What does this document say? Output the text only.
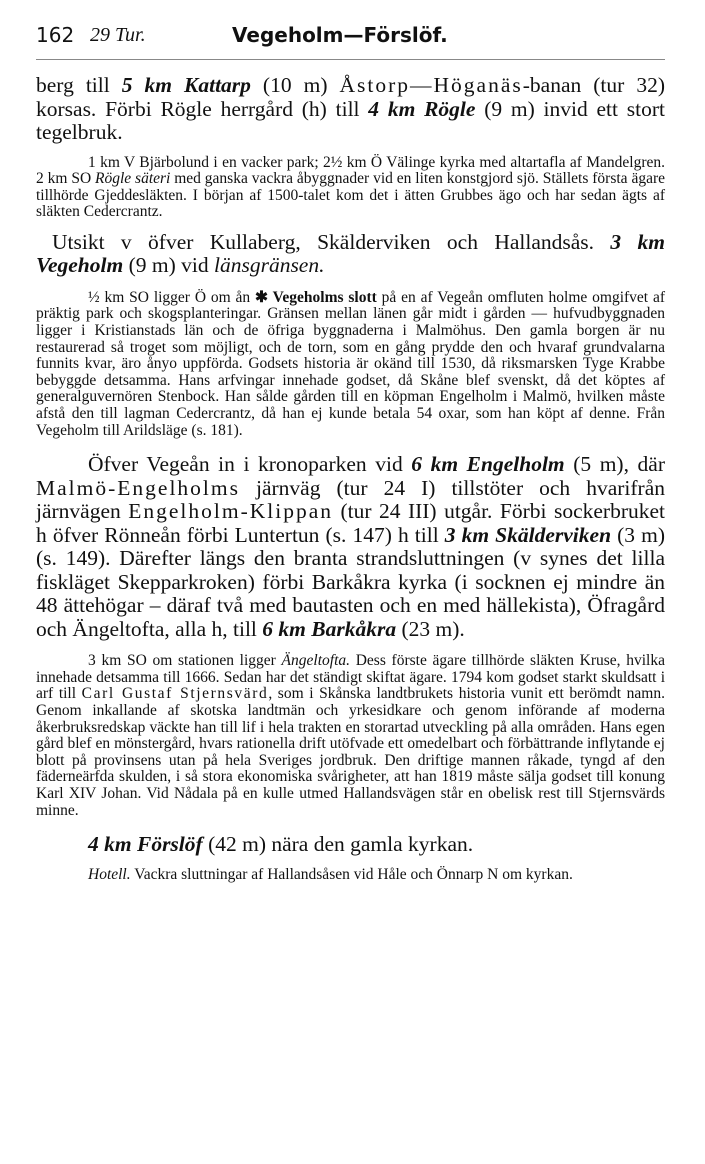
162 29 Tur.	Vegeholm—Förslöf.

berg till 5 km Kattarp (10 m) Åstorp—Höganäs-banan (tur 32) korsas. Förbi Rögle herrgård (h) till 4 km Rögle (9 m) invid ett stort tegelbruk.

1 km V Bjärbolund i en vacker park; 2½ km Ö Välinge kyrka med altartafla af Mandelgren. 2 km SO Rögle säteri med ganska vackra åbyggnader vid en liten konstgjord sjö. Ställets första ägare tillhörde Gjeddesläkten. I början af 1500-talet kom det i ätten Grubbes ägo och har sedan ägts af släkten Cedercrantz.

Utsikt v öfver Kullaberg, Skälderviken och Hallandsås. 3 km Vegeholm (9 m) vid länsgränsen.

½ km SO ligger Ö om ån ✱ Vegeholms slott på en af Vegeån omfluten holme omgifvet af präktig park och skogsplanteringar. Gränsen mellan länen går midt i gården — hufvudbyggnaden ligger i Kristianstads län och de öfriga byggnaderna i Malmöhus. Den gamla borgen är nu restaurerad så troget som möjligt, och de torn, som en gång prydde den och hvaraf grundvalarna funnits kvar, äro ånyo uppförda. Godsets historia är okänd till 1530, då riksmarsken Tyge Krabbe bebyggde detsamma. Hans arfvingar innehade godset, då Skåne blef svenskt, då det köptes af generalguvernören Stenbock. Han sålde gården till en köpman Engelholm i Malmö, hvilken måste afstå den till lagman Cedercrantz, då han ej kunde betala 54 oxar, som han köpt af denne. Från Vegeholm till Arildsläge (s. 181).

Öfver Vegeån in i kronoparken vid 6 km Engelholm (5 m), där Malmö-Engelholms järnväg (tur 24 I) tillstöter och hvarifrån järnvägen Engelholm-Klippan (tur 24 III) utgår. Förbi sockerbruket h öfver Rönneån förbi Luntertun (s. 147) h till 3 km Skälderviken (3 m) (s. 149). Därefter längs den branta strandsluttningen (v synes det lilla fiskläget Skepparkroken) förbi Barkåkra kyrka (i socknen ej mindre än 48 ättehögar – däraf två med bautasten och en med hällekista), Öfragård och Ängeltofta, alla h, till 6 km Barkåkra (23 m).

3 km SO om stationen ligger Ängeltofta. Dess förste ägare tillhörde släkten Kruse, hvilka innehade detsamma till 1666. Sedan har det ständigt skiftat ägare. 1794 kom godset starkt skuldsatt i arf till Carl Gustaf Stjernsvärd, som i Skånska landtbrukets historia vunit ett berömdt namn. Genom inkallande af skotska landtmän och yrkesidkare och genom införande af moderna åkerbruksredskap väckte han till lif i hela trakten en storartad utveckling på alla områden. Hans egen gård blef en mönstergård, hvars rationella drift utöfvade ett omedelbart och förbättrande inflytande ej blott på provinsens utan på hela Sveriges jordbruk. Den driftige mannen råkade, tyngd af den fäderneärfda skulden, i så stora ekonomiska svårigheter, att han 1819 måste sälja godset till konung Karl XIV Johan. Vid Nådala på en kulle utmed Hallandsvägen står en obelisk rest till Stjernsvärds minne.

4 km Förslöf (42 m) nära den gamla kyrkan.

Hotell. Vackra sluttningar af Hallandsåsen vid Håle och Önnarp N om kyrkan.
